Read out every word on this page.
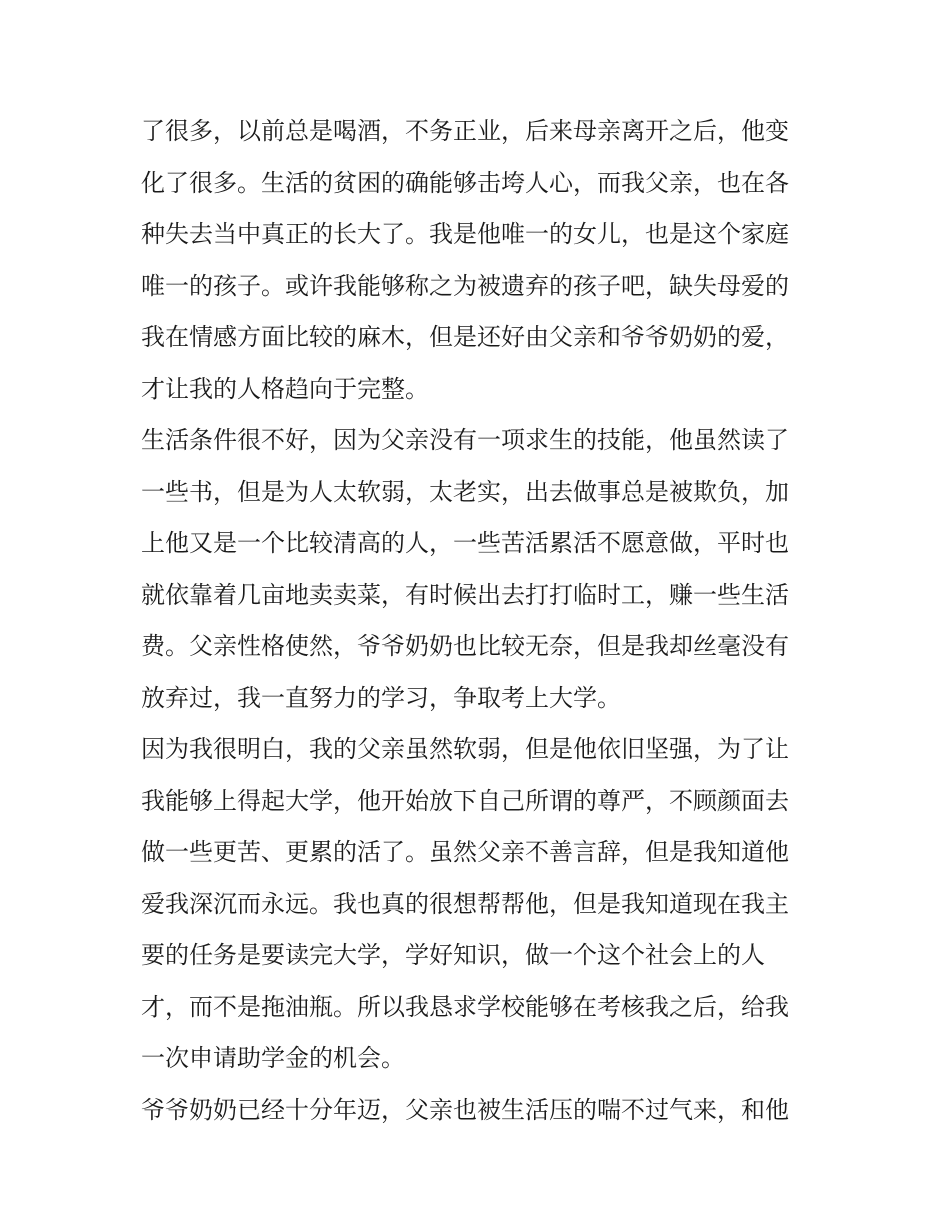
了很多，以前总是喝酒，不务正业，后来母亲离开之后，他变
化了很多。生活的贫困的确能够击垮人心，而我父亲，也在各
种失去当中真正的长大了。我是他唯一的女儿，也是这个家庭
唯一的孩子。或许我能够称之为被遗弃的孩子吧，缺失母爱的
我在情感方面比较的麻木，但是还好由父亲和爷爷奶奶的爱，
才让我的人格趋向于完整。
生活条件很不好，因为父亲没有一项求生的技能，他虽然读了
一些书，但是为人太软弱，太老实，出去做事总是被欺负，加
上他又是一个比较清高的人，一些苦活累活不愿意做，平时也
就依靠着几亩地卖卖菜，有时候出去打打临时工，赚一些生活
费。父亲性格使然，爷爷奶奶也比较无奈，但是我却丝毫没有
放弃过，我一直努力的学习，争取考上大学。
因为我很明白，我的父亲虽然软弱，但是他依旧坚强，为了让
我能够上得起大学，他开始放下自己所谓的尊严，不顾颜面去
做一些更苦、更累的活了。虽然父亲不善言辞，但是我知道他
爱我深沉而永远。我也真的很想帮帮他，但是我知道现在我主
要的任务是要读完大学，学好知识，做一个这个社会上的人
才，而不是拖油瓶。所以我恳求学校能够在考核我之后，给我
一次申请助学金的机会。
爷爷奶奶已经十分年迈，父亲也被生活压的喘不过气来，和他
